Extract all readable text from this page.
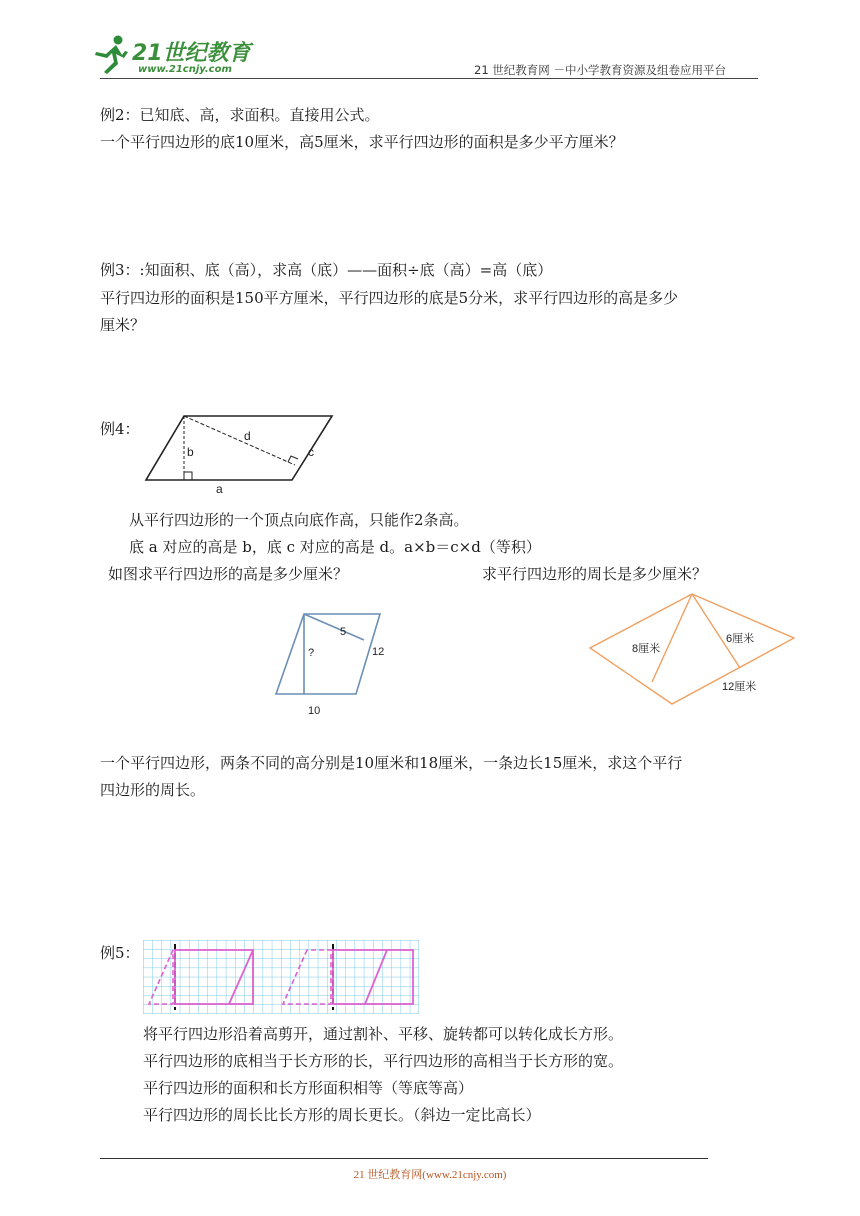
21世纪教育
www.21cnjy.com	21 世纪教育网 －中小学教育资源及组卷应用平台
例2：已知底、高，求面积。直接用公式。
一个平行四边形的底10厘米，高5厘米，求平行四边形的面积是多少平方厘米？
例3：:知面积、底（高），求高（底）——面积÷底（高）=高（底）
平行四边形的面积是150平方厘米，平行四边形的底是5分米，求平行四边形的高是多少
厘米？
例4：	d
b	c
a
从平行四边形的一个顶点向底作高，只能作2条高。
底 a 对应的高是 b，底 c 对应的高是 d。a×b＝c×d（等积）
如图求平行四边形的高是多少厘米？	求平行四边形的周长是多少厘米？
5
?	12
10
8厘米
6厘米
12厘米
一个平行四边形，两条不同的高分别是10厘米和18厘米，一条边长15厘米，求这个平行
四边形的周长。
例5：
将平行四边形沿着高剪开，通过割补、平移、旋转都可以转化成长方形。
平行四边形的底相当于长方形的长，平行四边形的高相当于长方形的宽。
平行四边形的面积和长方形面积相等（等底等高）
平行四边形的周长比长方形的周长更长。（斜边一定比高长）
21 世纪教育网(www.21cnjy.com)
